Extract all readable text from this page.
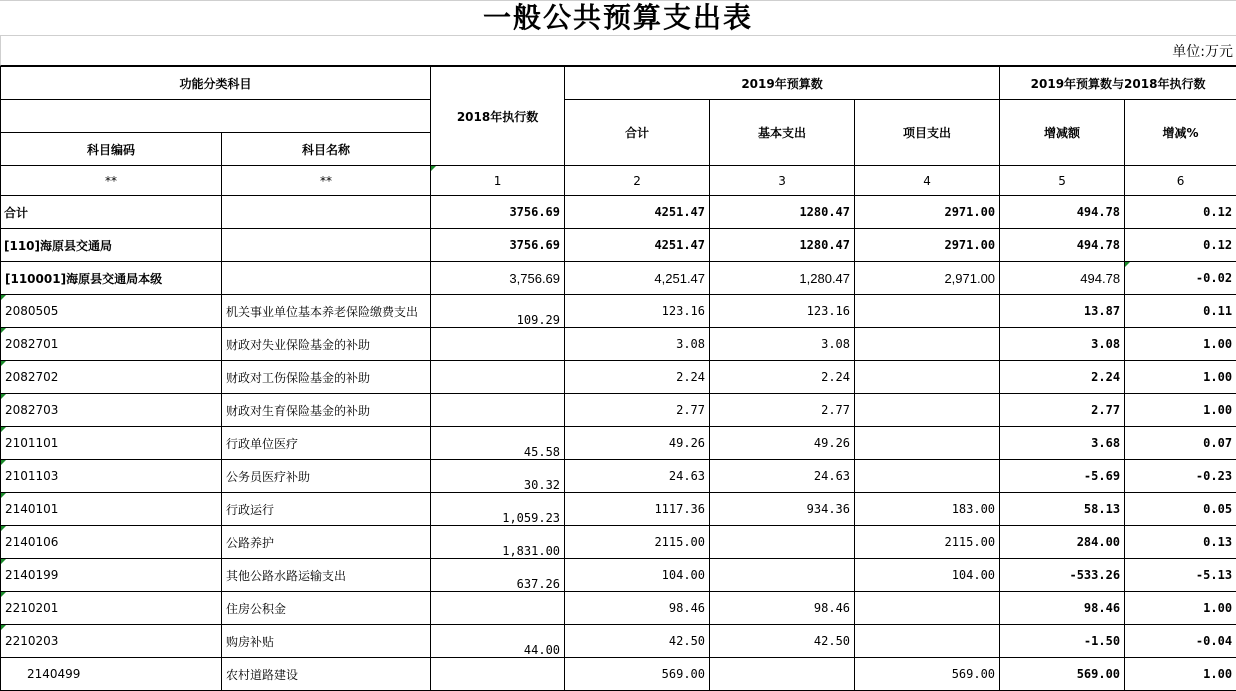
一般公共预算支出表
单位:万元
功能分类科目		2018年执行数	2019年预算数			2019年预算数与2018年执行数	
			合计	基本支出	项目支出	增减额	增减%
科目编码	科目名称						
**	**	1	2	3	4	5	6
合计		3756.69	4251.47	1280.47	2971.00	494.78	0.12
[110]海原县交通局		3756.69	4251.47	1280.47	2971.00	494.78	0.12
[110001]海原县交通局本级		3,756.69	4,251.47	1,280.47	2,971.00	494.78	-0.02
2080505	机关事业单位基本养老保险缴费支出	109.29	123.16	123.16		13.87	0.11
2082701	财政对失业保险基金的补助		3.08	3.08		3.08	1.00
2082702	财政对工伤保险基金的补助		2.24	2.24		2.24	1.00
2082703	财政对生育保险基金的补助		2.77	2.77		2.77	1.00
2101101	行政单位医疗	45.58	49.26	49.26		3.68	0.07
2101103	公务员医疗补助	30.32	24.63	24.63		-5.69	-0.23
2140101	行政运行	1,059.23	1117.36	934.36	183.00	58.13	0.05
2140106	公路养护	1,831.00	2115.00		2115.00	284.00	0.13
2140199	其他公路水路运输支出	637.26	104.00		104.00	-533.26	-5.13
2210201	住房公积金		98.46	98.46		98.46	1.00
2210203	购房补贴	44.00	42.50	42.50		-1.50	-0.04
2140499	农村道路建设		569.00		569.00	569.00	1.00
